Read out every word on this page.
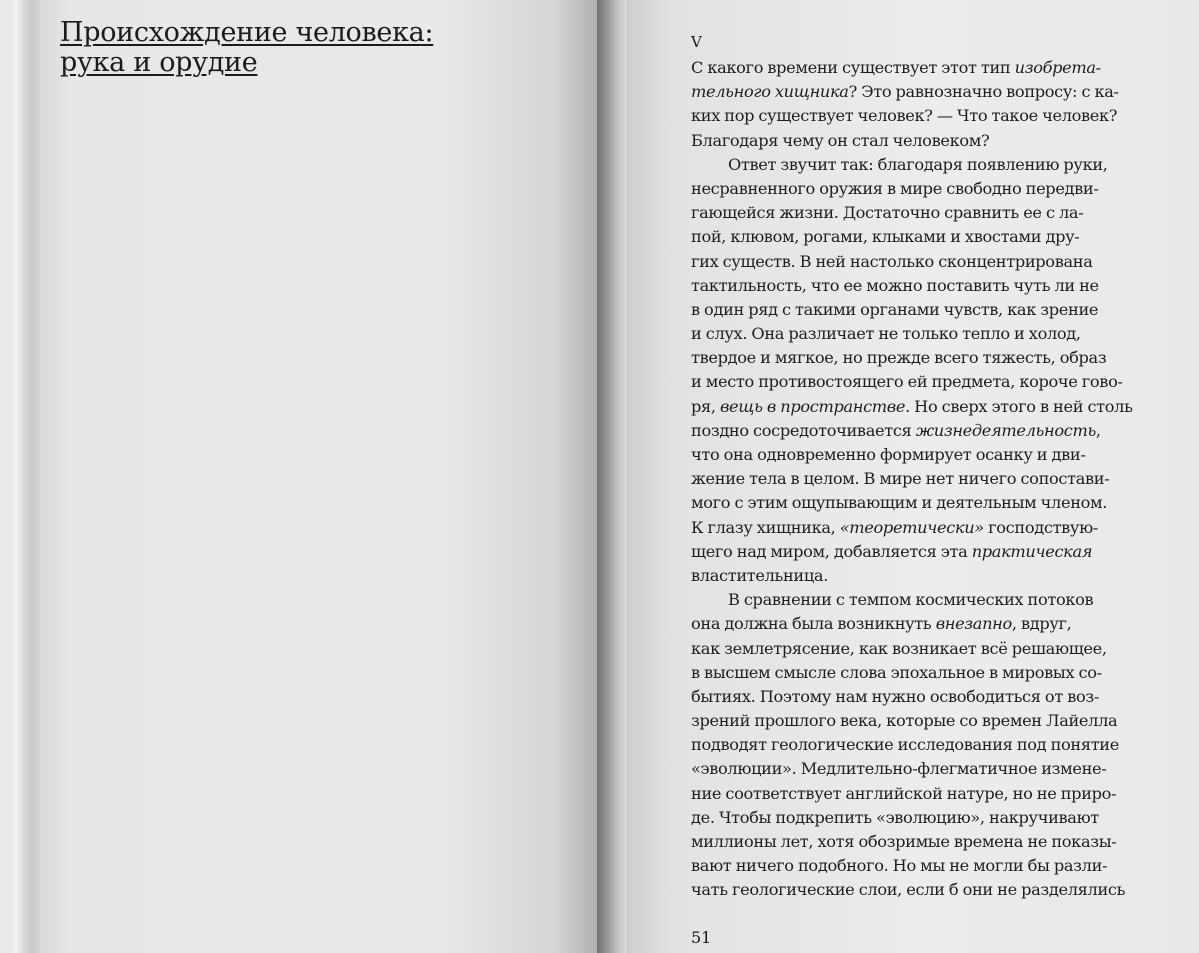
Происхождение человека:
рука и орудие
V
С какого времени существует этот тип изобрета-
тельного хищника? Это равнозначно вопросу: с ка-
ких пор существует человек? — Что такое человек?
Благодаря чему он стал человеком?
Ответ звучит так: благодаря появлению руки,
несравненного оружия в мире свободно передви-
гающейся жизни. Достаточно сравнить ее с ла-
пой, клювом, рогами, клыками и хвостами дру-
гих существ. В ней настолько сконцентрирована
тактильность, что ее можно поставить чуть ли не
в один ряд с такими органами чувств, как зрение
и слух. Она различает не только тепло и холод,
твердое и мягкое, но прежде всего тяжесть, образ
и место противостоящего ей предмета, короче гово-
ря, вещь в пространстве. Но сверх этого в ней столь
поздно сосредоточивается жизнедеятельность,
что она одновременно формирует осанку и дви-
жение тела в целом. В мире нет ничего сопостави-
мого с этим ощупывающим и деятельным членом.
К глазу хищника, «теоретически» господствую-
щего над миром, добавляется эта практическая
властительница.
В сравнении с темпом космических потоков
она должна была возникнуть внезапно, вдруг,
как землетрясение, как возникает всё решающее,
в высшем смысле слова эпохальное в мировых со-
бытиях. Поэтому нам нужно освободиться от воз-
зрений прошлого века, которые со времен Лайелла
подводят геологические исследования под понятие
«эволюции». Медлительно-флегматичное измене-
ние соответствует английской натуре, но не приро-
де. Чтобы подкрепить «эволюцию», накручивают
миллионы лет, хотя обозримые времена не показы-
вают ничего подобного. Но мы не могли бы разли-
чать геологические слои, если б они не разделялись
51
